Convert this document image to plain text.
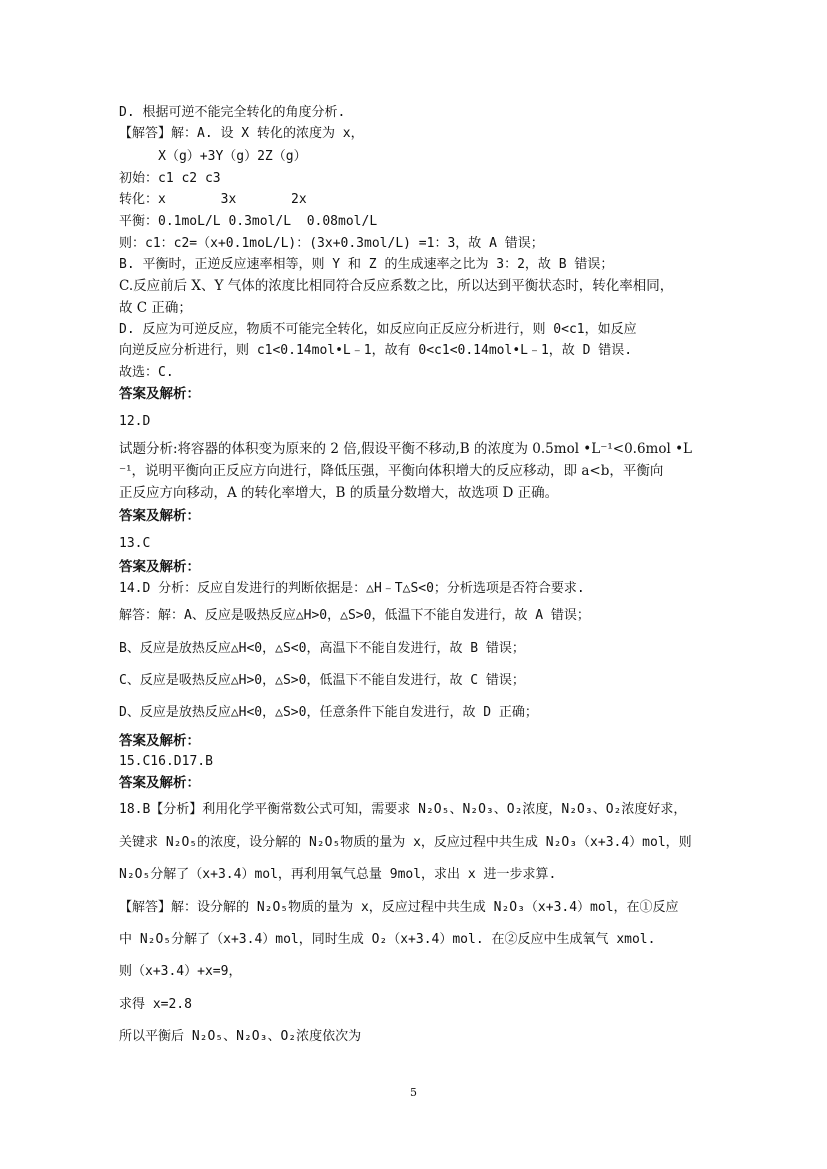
D. 根据可逆不能完全转化的角度分析.
【解答】解：A. 设 X 转化的浓度为 x，
X（g）+3Y（g）2Z（g）
初始：c1 c2 c3
转化：x       3x       2x
平衡：0.1moL/L 0.3mol/L  0.08mol/L
则：c1：c2=（x+0.1moL/L)：(3x+0.3mol/L) =1：3，故 A 错误；
B. 平衡时，正逆反应速率相等，则 Y 和 Z 的生成速率之比为 3：2，故 B 错误；
C.反应前后 X、Y 气体的浓度比相同符合反应系数之比，所以达到平衡状态时，转化率相同，
故 C 正确；
D. 反应为可逆反应，物质不可能完全转化，如反应向正反应分析进行，则 0<c1，如反应
向逆反应分析进行，则 c1<0.14mol•L﹣1，故有 0<c1<0.14mol•L﹣1，故 D 错误.
故选：C.
答案及解析：
12.D
试题分析:将容器的体积变为原来的 2 倍,假设平衡不移动,B 的浓度为 0.5mol •L⁻¹<0.6mol •L
⁻¹，说明平衡向正反应方向进行，降低压强，平衡向体积增大的反应移动，即 a<b，平衡向
正反应方向移动，A 的转化率增大，B 的质量分数增大，故选项 D 正确。
答案及解析：
13.C
答案及解析：
14.D 分析：反应自发进行的判断依据是：△H﹣T△S<0；分析选项是否符合要求.
解答：解：A、反应是吸热反应△H>0，△S>0，低温下不能自发进行，故 A 错误；
B、反应是放热反应△H<0，△S<0，高温下不能自发进行，故 B 错误；
C、反应是吸热反应△H>0，△S>0，低温下不能自发进行，故 C 错误；
D、反应是放热反应△H<0，△S>0，任意条件下能自发进行，故 D 正确；
答案及解析：
15.C16.D17.B
答案及解析：
18.B【分析】利用化学平衡常数公式可知，需要求 N₂O₅、N₂O₃、O₂浓度，N₂O₃、O₂浓度好求，
关键求 N₂O₅的浓度，设分解的 N₂O₅物质的量为 x，反应过程中共生成 N₂O₃（x+3.4）mol，则
N₂O₅分解了（x+3.4）mol，再利用氧气总量 9mol，求出 x 进一步求算.
【解答】解：设分解的 N₂O₅物质的量为 x，反应过程中共生成 N₂O₃（x+3.4）mol，在①反应
中 N₂O₅分解了（x+3.4）mol，同时生成 O₂（x+3.4）mol. 在②反应中生成氧气 xmol.
则（x+3.4）+x=9，
求得 x=2.8
所以平衡后 N₂O₅、N₂O₃、O₂浓度依次为
5
